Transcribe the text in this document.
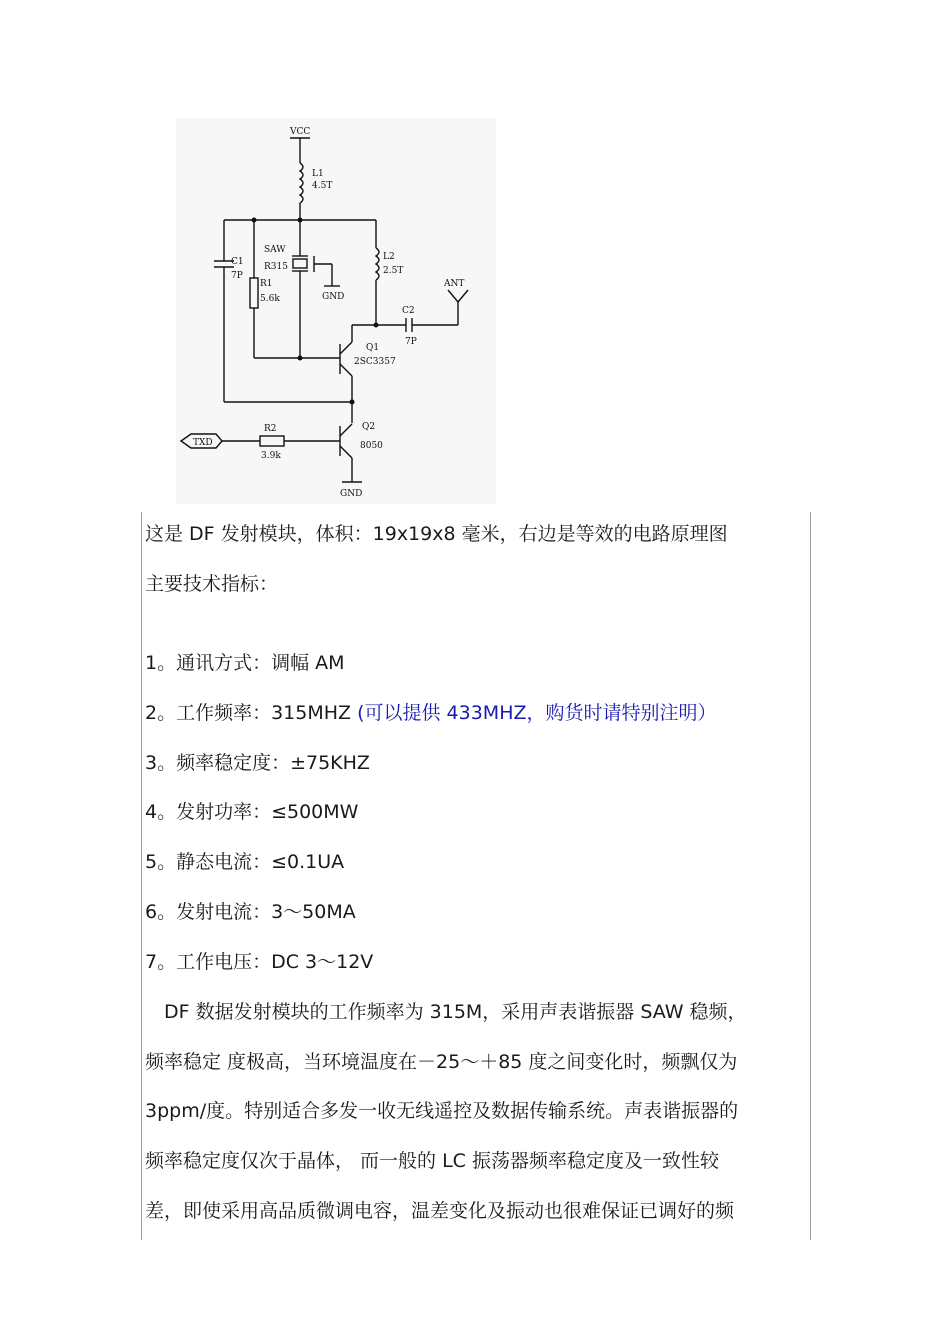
VCC
L1
4.5T
SAW
R315
C1
7P
R1
5.6k	GND
L2
2.5T
ANT
C2
7P
Q1
2SC3357
TXD
R2
3.9k
Q2
8050
GND
这是 DF 发射模块，体积：19x19x8 毫米，右边是等效的电路原理图
主要技术指标：
1。通讯方式：调幅 AM
2。工作频率：315MHZ (可以提供 433MHZ，购货时请特别注明）
3。频率稳定度：±75KHZ
4。发射功率：≤500MW
5。静态电流：≤0.1UA
6。发射电流：3～50MA
7。工作电压：DC 3～12V
　DF 数据发射模块的工作频率为 315M，采用声表谐振器 SAW 稳频，
频率稳定 度极高，当环境温度在－25～＋85 度之间变化时，频飘仅为
3ppm/度。特别适合多发一收无线遥控及数据传输系统。声表谐振器的
频率稳定度仅次于晶体， 而一般的 LC 振荡器频率稳定度及一致性较
差，即使采用高品质微调电容，温差变化及振动也很难保证已调好的频
